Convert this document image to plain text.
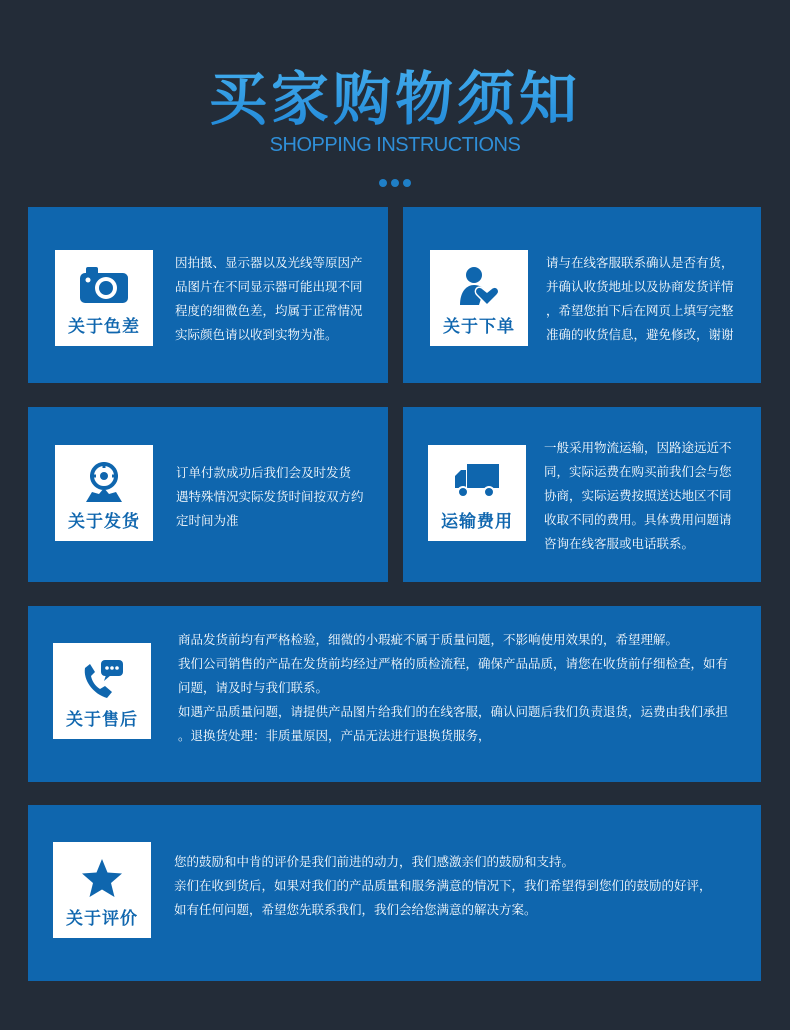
买家购物须知
SHOPPING INSTRUCTIONS
关于色差

因拍摄、显示器以及光线等原因产

品图片在不同显示器可能出现不同

程度的细微色差，均属于正常情况

实际颜色请以收到实物为准。	关于下单

请与在线客服联系确认是否有货，

并确认收货地址以及协商发货详情

，希望您拍下后在网页上填写完整

准确的收货信息，避免修改，谢谢

关于发货

订单付款成功后我们会及时发货

遇特殊情况实际发货时间按双方约

定时间为准	运输费用

一般采用物流运输，因路途远近不

同，实际运费在购买前我们会与您

协商，实际运费按照送达地区不同

收取不同的费用。具体费用问题请

咨询在线客服或电话联系。

关于售后

商品发货前均有严格检验，细微的小瑕疵不属于质量问题，不影响使用效果的，希望理解。

我们公司销售的产品在发货前均经过严格的质检流程，确保产品品质，请您在收货前仔细检查，如有

问题，请及时与我们联系。

如遇产品质量问题，请提供产品图片给我们的在线客服，确认问题后我们负责退货，运费由我们承担

。退换货处理：非质量原因，产品无法进行退换货服务，

关于评价

您的鼓励和中肯的评价是我们前进的动力，我们感激亲们的鼓励和支持。

亲们在收到货后，如果对我们的产品质量和服务满意的情况下，我们希望得到您们的鼓励的好评，

如有任何问题，希望您先联系我们，我们会给您满意的解决方案。
